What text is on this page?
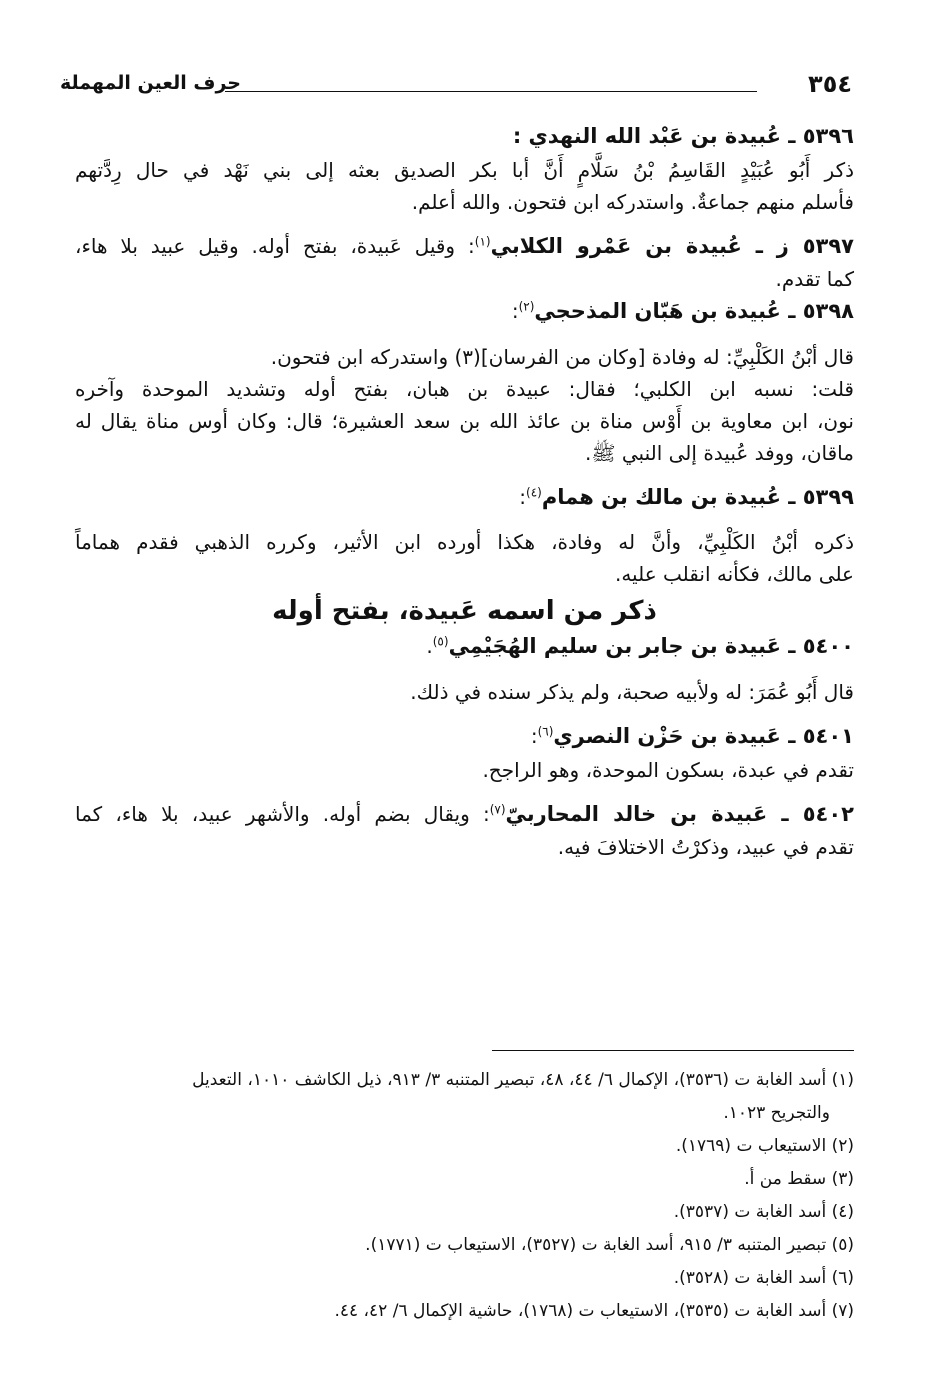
٣٥٤
حرف العين المهملة
٥٣٩٦ ـ عُبيدة بن عَبْد الله النهدي :
ذكر أَبُو عُبَيْدٍ القَاسِمُ بْنُ سَلَّامٍ أَنَّ أبا بكر الصديق بعثه إلى بني نَهْد في حال رِدَّتهم
فأسلم منهم جماعةٌ. واستدركه ابن فتحون. والله أعلم.
٥٣٩٧ ز ـ عُبيدة بن عَمْرو الكلابي$^{(١)}$: وقيل عَبيدة، بفتح أوله. وقيل عبيد بلا هاء،
كما تقدم.
٥٣٩٨ ـ عُبيدة بن هَبّان المذحجي$^{(٢)}$:
قال أبْنُ الكَلْبِيِّ: له وفادة [وكان من الفرسان](٣) واستدركه ابن فتحون.
قلت: نسبه ابن الكلبي؛ فقال: عبيدة بن هبان، بفتح أوله وتشديد الموحدة وآخره
نون، ابن معاوية بن أَوْس مناة بن عائذ الله بن سعد العشيرة؛ قال: وكان أوس مناة يقال له
ماقان، ووفد عُبيدة إلى النبي ﷺ.
٥٣٩٩ ـ عُبيدة بن مالك بن همام$^{(٤)}$:
ذكره أبْنُ الكَلْبِيِّ، وأنَّ له وفادة، هكذا أورده ابن الأثير، وكرره الذهبي فقدم هماماً
على مالك، فكأنه انقلب عليه.
ذكر من اسمه عَبيدة، بفتح أوله
٥٤٠٠ ـ عَبيدة بن جابر بن سليم الهُجَيْمِي$^{(٥)}$.
قال أَبُو عُمَرَ: له ولأبيه صحبة، ولم يذكر سنده في ذلك.
٥٤٠١ ـ عَبيدة بن حَزْن النصري$^{(٦)}$:
تقدم في عبدة، بسكون الموحدة، وهو الراجح.
٥٤٠٢ ـ عَبيدة بن خالد المحاربيّ$^{(٧)}$: ويقال بضم أوله. والأشهر عبيد، بلا هاء، كما
تقدم في عبيد، وذكرْتُ الاختلافَ فيه.
(١) أسد الغابة ت (٣٥٣٦)، الإكمال ٦/ ٤٤، ٤٨، تبصير المتنبه ٣/ ٩١٣، ذيل الكاشف ١٠١٠، التعديل
والتجريح ١٠٢٣.
(٢) الاستيعاب ت (١٧٦٩).
(٣) سقط من أ.
(٤) أسد الغابة ت (٣٥٣٧).
(٥) تبصير المتنبه ٣/ ٩١٥، أسد الغابة ت (٣٥٢٧)، الاستيعاب ت (١٧٧١).
(٦) أسد الغابة ت (٣٥٢٨).
(٧) أسد الغابة ت (٣٥٣٥)، الاستيعاب ت (١٧٦٨)، حاشية الإكمال ٦/ ٤٢، ٤٤.
